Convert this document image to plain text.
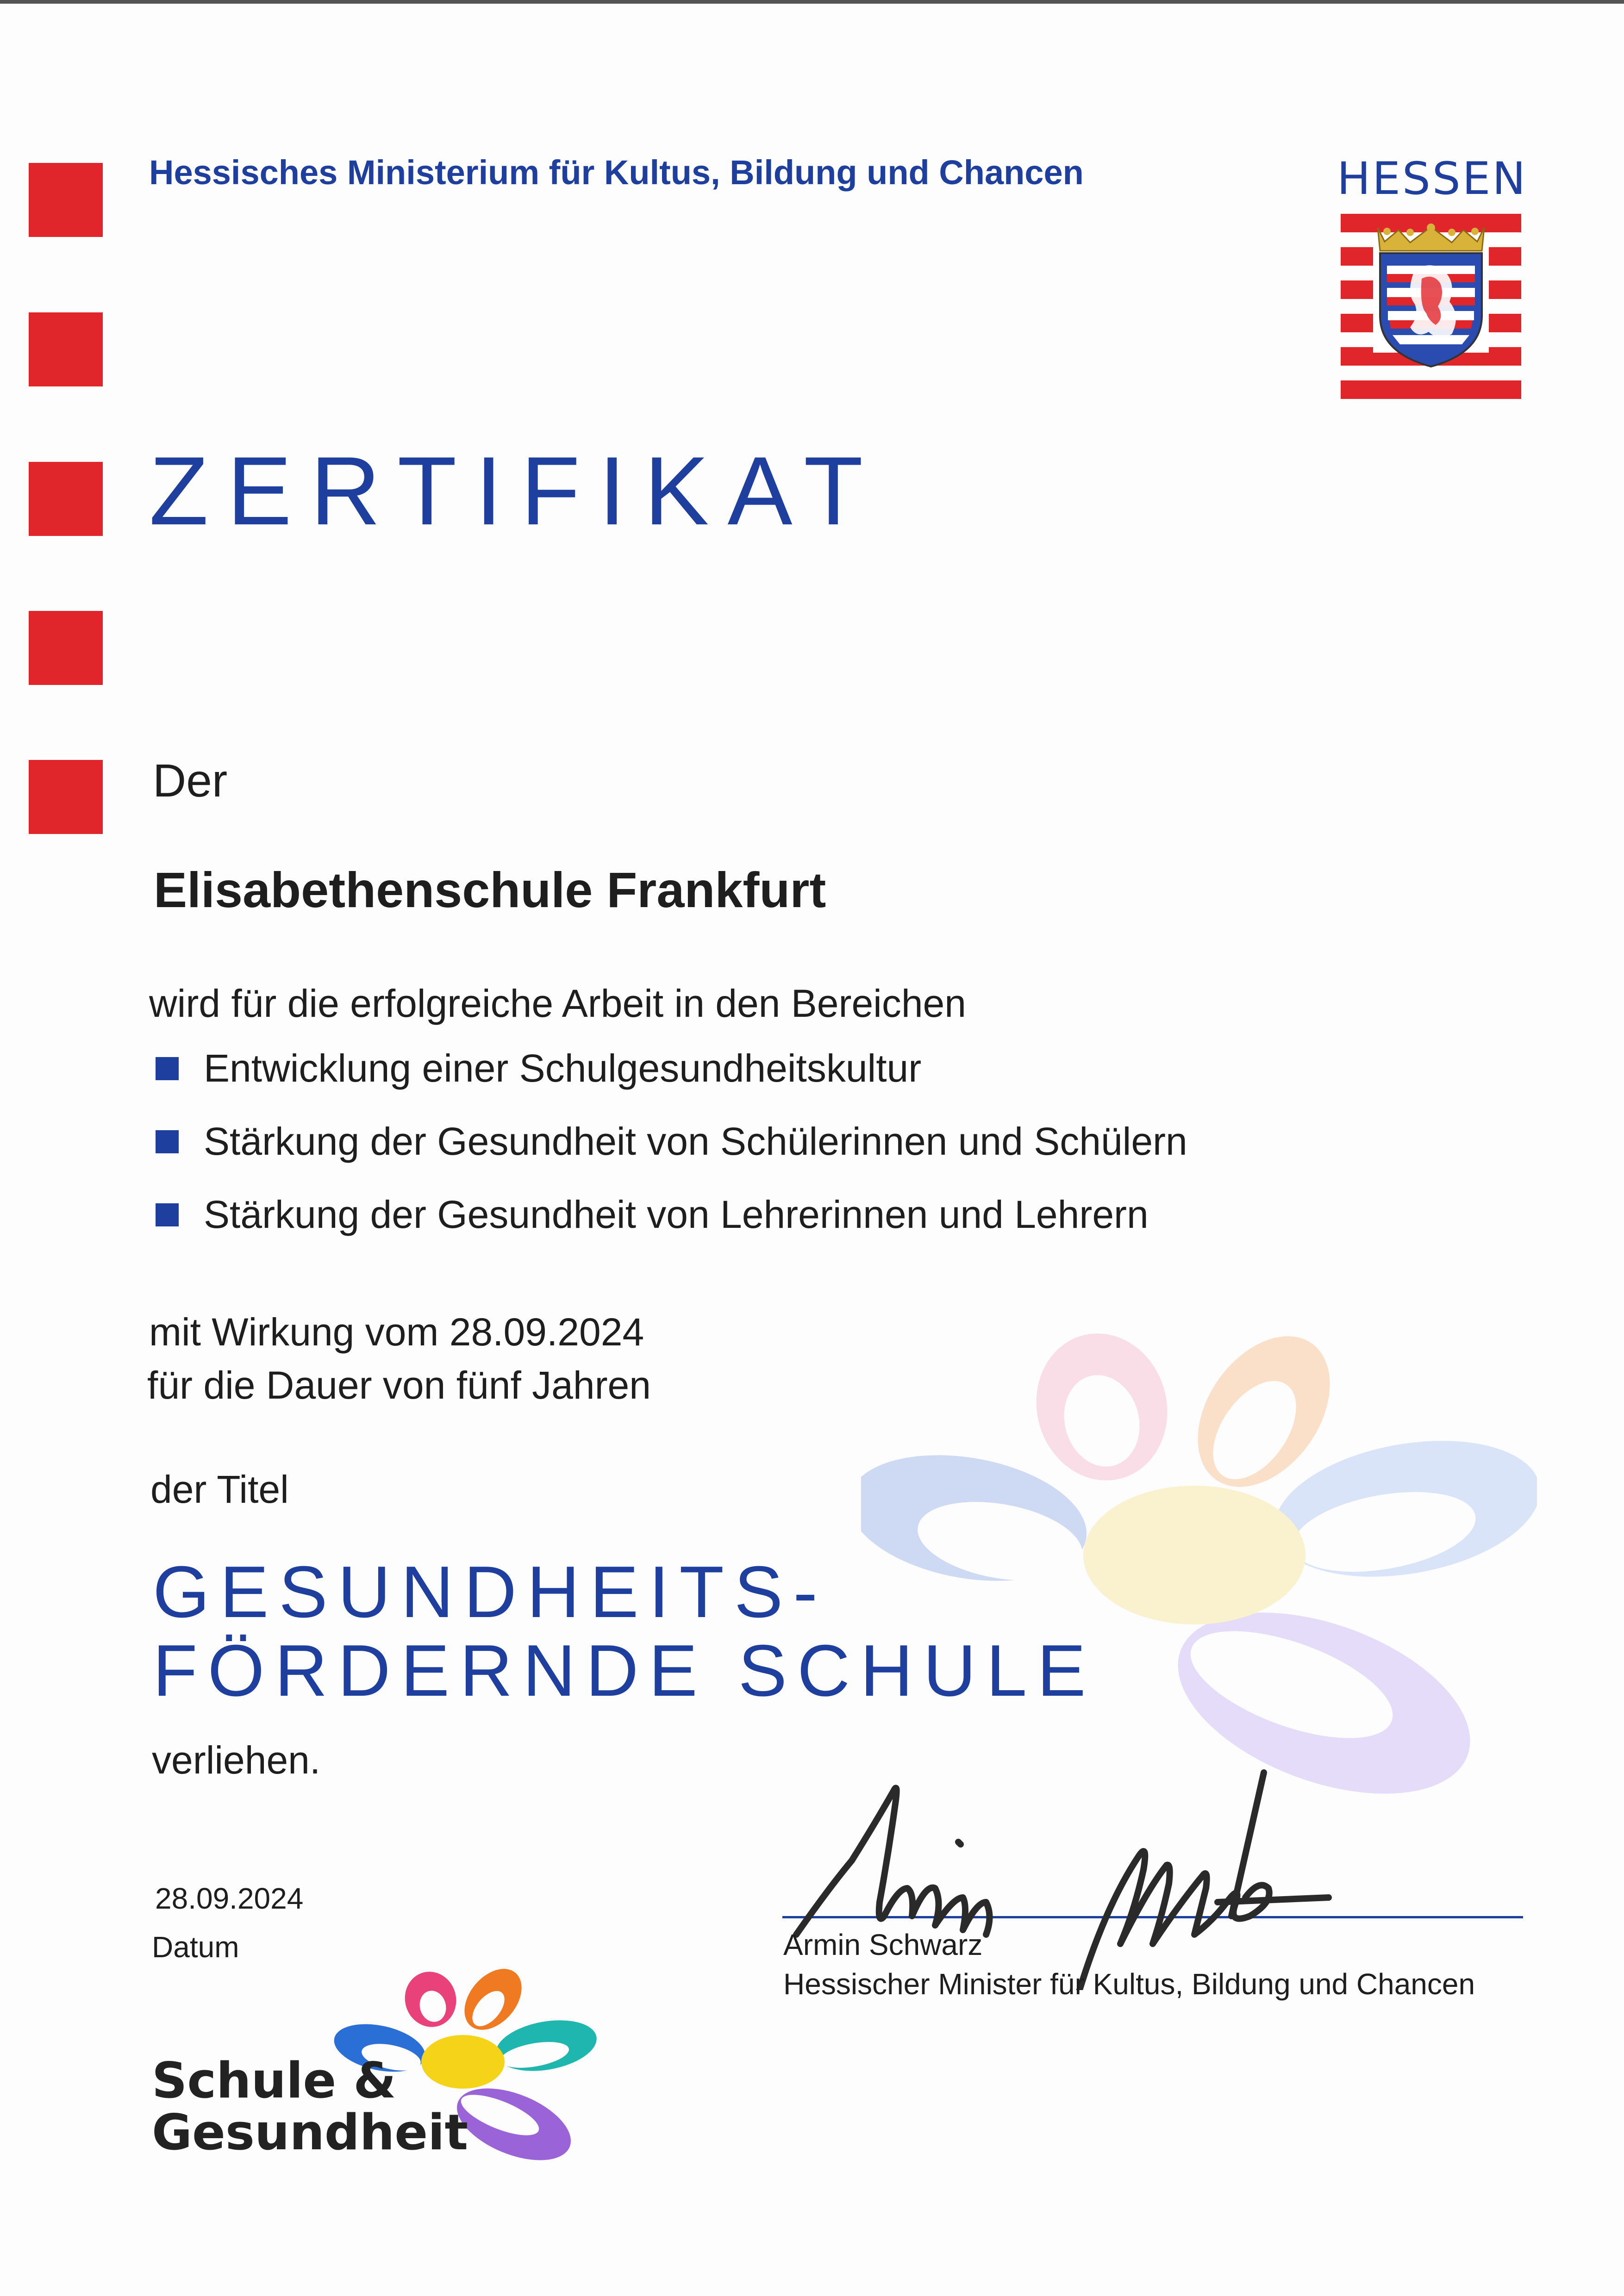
Hessisches Ministerium für Kultus, Bildung und Chancen	HESSEN
ZERTIFIKAT
Der
Elisabethenschule Frankfurt
wird für die erfolgreiche Arbeit in den Bereichen
Entwicklung einer Schulgesundheitskultur
Stärkung der Gesundheit von Schülerinnen und Schülern
Stärkung der Gesundheit von Lehrerinnen und Lehrern
mit Wirkung vom 28.09.2024
für die Dauer von fünf Jahren
der Titel
GESUNDHEITS-
FÖRDERNDE SCHULE
verliehen.
28.09.2024
Datum	Armin Schwarz
Hessischer Minister für Kultus, Bildung und Chancen
Schule &
Gesundheit
